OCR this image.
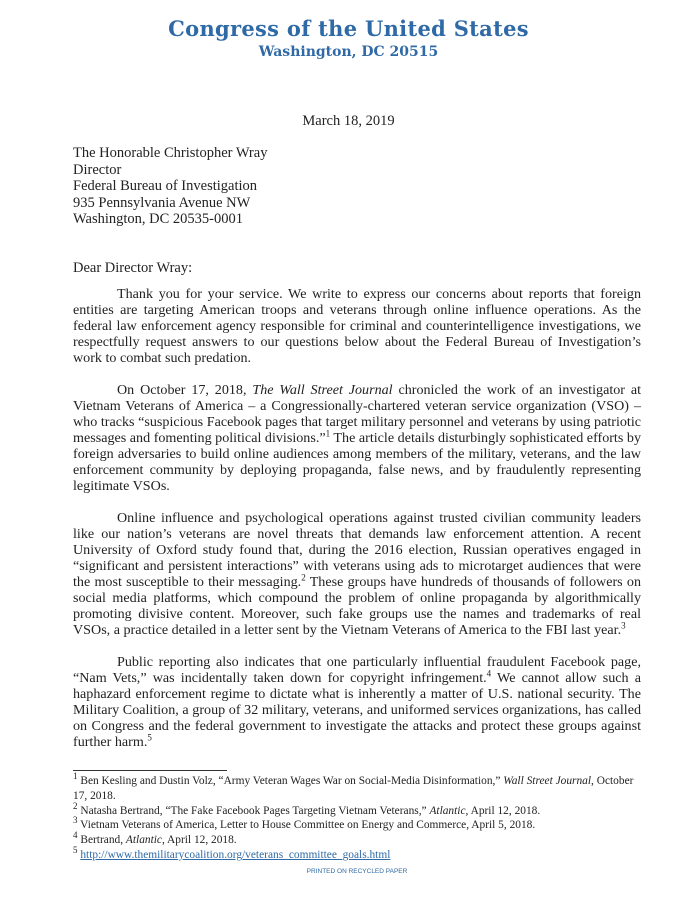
Congress of the United States
Washington, DC 20515
March 18, 2019
The Honorable Christopher Wray
Director
Federal Bureau of Investigation
935 Pennsylvania Avenue NW
Washington, DC 20535-0001
Dear Director Wray:

Thank you for your service. We write to express our concerns about reports that foreign entities are targeting American troops and veterans through online influence operations. As the federal law enforcement agency responsible for criminal and counterintelligence investigations, we respectfully request answers to our questions below about the Federal Bureau of Investigation’s work to combat such predation.

On October 17, 2018, The Wall Street Journal chronicled the work of an investigator at Vietnam Veterans of America – a Congressionally-chartered veteran service organization (VSO) – who tracks “suspicious Facebook pages that target military personnel and veterans by using patriotic messages and fomenting political divisions.”$^1$ The article details disturbingly sophisticated efforts by foreign adversaries to build online audiences among members of the military, veterans, and the law enforcement community by deploying propaganda, false news, and by fraudulently representing legitimate VSOs.

Online influence and psychological operations against trusted civilian community leaders like our nation’s veterans are novel threats that demands law enforcement attention. A recent University of Oxford study found that, during the 2016 election, Russian operatives engaged in “significant and persistent interactions” with veterans using ads to microtarget audiences that were the most susceptible to their messaging.$^2$ These groups have hundreds of thousands of followers on social media platforms, which compound the problem of online propaganda by algorithmically promoting divisive content. Moreover, such fake groups use the names and trademarks of real VSOs, a practice detailed in a letter sent by the Vietnam Veterans of America to the FBI last year.$^3$

Public reporting also indicates that one particularly influential fraudulent Facebook page, “Nam Vets,” was incidentally taken down for copyright infringement.$^4$ We cannot allow such a haphazard enforcement regime to dictate what is inherently a matter of U.S. national security. The Military Coalition, a group of 32 military, veterans, and uniformed services organizations, has called on Congress and the federal government to investigate the attacks and protect these groups against further harm.$^5$

$^1$ Ben Kesling and Dustin Volz, “Army Veteran Wages War on Social-Media Disinformation,” Wall Street Journal, October 17, 2018.
$^2$ Natasha Bertrand, “The Fake Facebook Pages Targeting Vietnam Veterans,” Atlantic, April 12, 2018.
$^3$ Vietnam Veterans of America, Letter to House Committee on Energy and Commerce, April 5, 2018.
$^4$ Bertrand, Atlantic, April 12, 2018.
$^5$ http://www.themilitarycoalition.org/veterans_committee_goals.html
PRINTED ON RECYCLED PAPER
